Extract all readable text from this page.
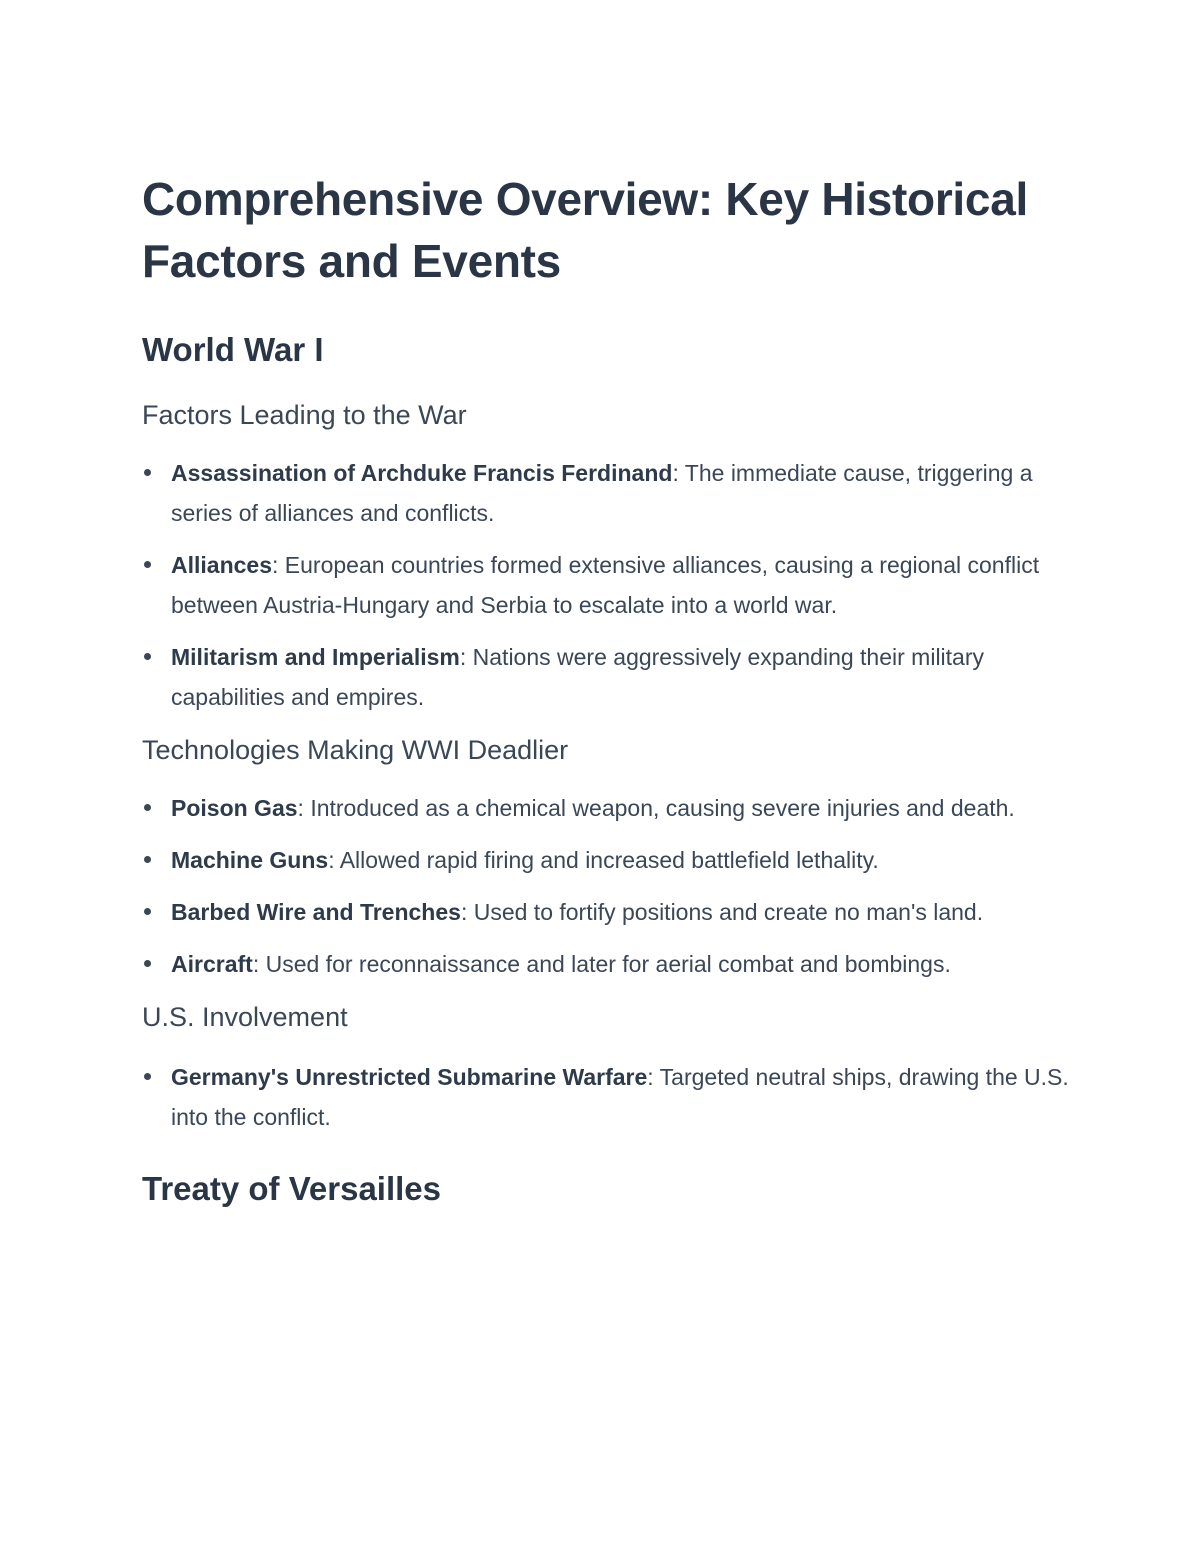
Comprehensive Overview: Key Historical Factors and Events
World War I
Factors Leading to the War
Assassination of Archduke Francis Ferdinand: The immediate cause, triggering a series of alliances and conflicts.
Alliances: European countries formed extensive alliances, causing a regional conflict between Austria-Hungary and Serbia to escalate into a world war.
Militarism and Imperialism: Nations were aggressively expanding their military capabilities and empires.
Technologies Making WWI Deadlier
Poison Gas: Introduced as a chemical weapon, causing severe injuries and death.
Machine Guns: Allowed rapid firing and increased battlefield lethality.
Barbed Wire and Trenches: Used to fortify positions and create no man's land.
Aircraft: Used for reconnaissance and later for aerial combat and bombings.
U.S. Involvement
Germany's Unrestricted Submarine Warfare: Targeted neutral ships, drawing the U.S. into the conflict.
Treaty of Versailles
